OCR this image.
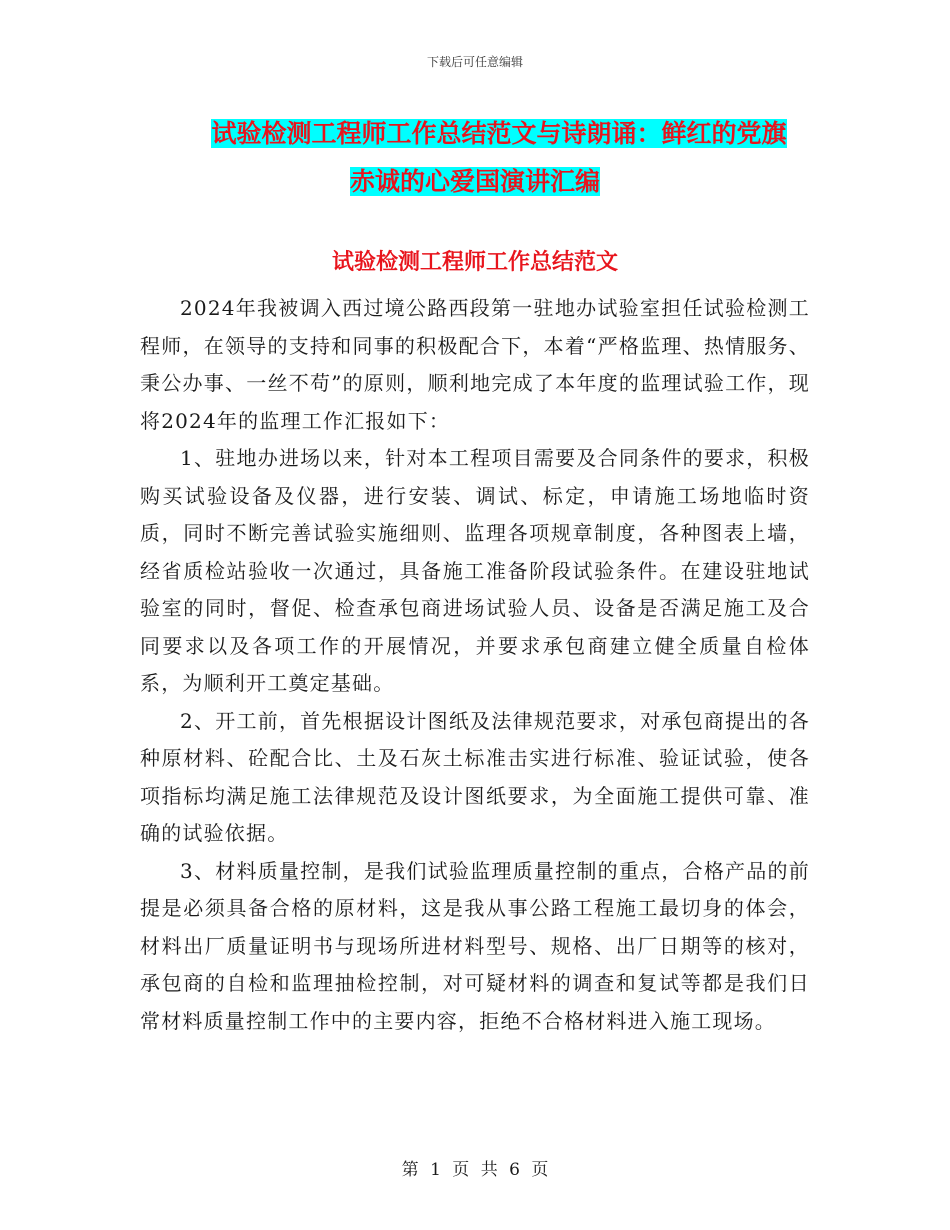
下载后可任意编辑
试验检测工程师工作总结范文与诗朗诵：鲜红的党旗
赤诚的心爱国演讲汇编
试验检测工程师工作总结范文

2024年我被调入西过境公路西段第一驻地办试验室担任试验检测工程师，在领导的支持和同事的积极配合下，本着“严格监理、热情服务、秉公办事、一丝不苟”的原则，顺利地完成了本年度的监理试验工作，现将2024年的监理工作汇报如下：

1、驻地办进场以来，针对本工程项目需要及合同条件的要求，积极购买试验设备及仪器，进行安装、调试、标定，申请施工场地临时资质，同时不断完善试验实施细则、监理各项规章制度，各种图表上墙，经省质检站验收一次通过，具备施工准备阶段试验条件。在建设驻地试验室的同时，督促、检查承包商进场试验人员、设备是否满足施工及合同要求以及各项工作的开展情况，并要求承包商建立健全质量自检体系，为顺利开工奠定基础。

2、开工前，首先根据设计图纸及法律规范要求，对承包商提出的各种原材料、砼配合比、土及石灰土标准击实进行标准、验证试验，使各项指标均满足施工法律规范及设计图纸要求，为全面施工提供可靠、准确的试验依据。

3、材料质量控制，是我们试验监理质量控制的重点，合格产品的前提是必须具备合格的原材料，这是我从事公路工程施工最切身的体会，材料出厂质量证明书与现场所进材料型号、规格、出厂日期等的核对，承包商的自检和监理抽检控制，对可疑材料的调查和复试等都是我们日常材料质量控制工作中的主要内容，拒绝不合格材料进入施工现场。

第 1 页 共 6 页
